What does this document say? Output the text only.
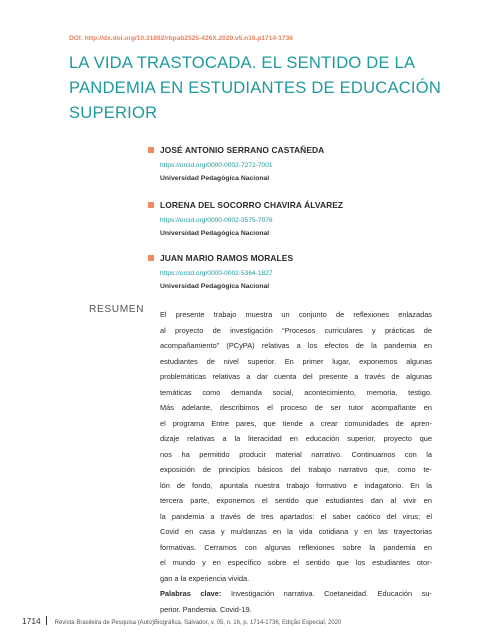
DOI: http://dx.doi.org/10.31892/rbpab2525-426X.2020.v5.n16.p1714-1736
LA VIDA TRASTOCADA. EL SENTIDO DE LA
PANDEMIA EN ESTUDIANTES DE EDUCACIÓN
SUPERIOR
JOSÉ ANTONIO SERRANO CASTAÑEDA
https://orcid.org/0000-0002-7272-7001
Universidad Pedagógica Nacional
LORENA DEL SOCORRO CHAVIRA ÁLVAREZ
https://orcid.org/0000-0002-3575-7076
Universidad Pedagógica Nacional
JUAN MARIO RAMOS MORALES
https://orcid.org/0000-0002-5364-1827
Universidad Pedagógica Nacional
RESUMEN El presente trabajo muestra un conjunto de reflexiones enlazadas
al proyecto de investigación “Procesos curriculares y prácticas de
acompañamiento” (PCyPA) relativas a los efectos de la pandemia en
estudiantes de nivel superior. En primer lugar, exponemos algunas
problemáticas relativas a dar cuenta del presente a través de algunas
temáticas como demanda social, acontecimiento, memoria, testigo.
Más adelante, describimos el proceso de ser tutor acompañante en
el programa Entre pares, que tiende a crear comunidades de apren-
dizaje relativas a la literacidad en educación superior, proyecto que
nos ha permitido producir material narrativo. Continuamos con la
exposición de principios básicos del trabajo narrativo que, como te-
lón de fondo, apuntala nuestra trabajo formativo e indagatorio. En la
tercera parte, exponemos el sentido que estudiantes dan al vivir en
la pandemia a través de tres apartados: el saber caótico del virus; el
Covid en casa y mu/danzas en la vida cotidiana y en las trayectorias
formativas. Cerramos con algunas reflexiones sobre la pandemia en
el mundo y en específico sobre el sentido que los estudiantes otor-
gan a la experiencia vivida.
Palabras clave: Investigación narrativa. Coetaneidad. Educación su-
perior. Pandemia. Covid-19.
1714 Revista Brasileira de Pesquisa (Auto)Biográfica, Salvador, v. 05, n. 16, p. 1714-1736, Edição Especial, 2020
